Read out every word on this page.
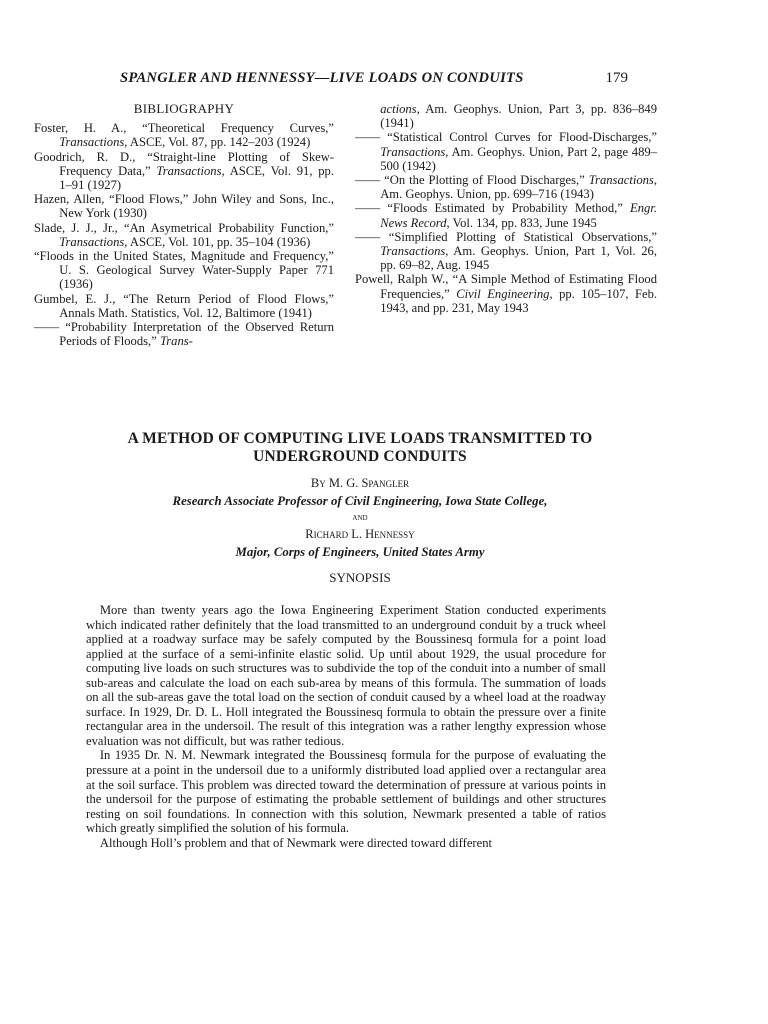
SPANGLER AND HENNESSY—LIVE LOADS ON CONDUITS	179
BIBLIOGRAPHY

Foster, H. A., “Theoretical Frequency Curves,” Transactions, ASCE, Vol. 87, pp. 142–203 (1924)

Goodrich, R. D., “Straight-line Plotting of Skew-Frequency Data,” Transactions, ASCE, Vol. 91, pp. 1–91 (1927)

Hazen, Allen, “Flood Flows,” John Wiley and Sons, Inc., New York (1930)

Slade, J. J., Jr., “An Asymetrical Probability Function,” Transactions, ASCE, Vol. 101, pp. 35–104 (1936)

“Floods in the United States, Magnitude and Frequency,” U. S. Geological Survey Water-Supply Paper 771 (1936)

Gumbel, E. J., “The Return Period of Flood Flows,” Annals Math. Statistics, Vol. 12, Baltimore (1941)

—— “Probability Interpretation of the Observed Return Periods of Floods,” Trans-

actions, Am. Geophys. Union, Part 3, pp. 836–849 (1941)

—— “Statistical Control Curves for Flood-Discharges,” Transactions, Am. Geophys. Union, Part 2, page 489–500 (1942)

—— “On the Plotting of Flood Discharges,” Transactions, Am. Geophys. Union, pp. 699–716 (1943)

—— “Floods Estimated by Probability Method,” Engr. News Record, Vol. 134, pp. 833, June 1945

—— “Simplified Plotting of Statistical Observations,” Transactions, Am. Geophys. Union, Part 1, Vol. 26, pp. 69–82, Aug. 1945

Powell, Ralph W., “A Simple Method of Estimating Flood Frequencies,” Civil Engineering, pp. 105–107, Feb. 1943, and pp. 231, May 1943

A METHOD OF COMPUTING LIVE LOADS TRANSMITTED TO
UNDERGROUND CONDUITS

By M. G. Spangler
Research Associate Professor of Civil Engineering, Iowa State College,
and
Richard L. Hennessy
Major, Corps of Engineers, United States Army
SYNOPSIS

More than twenty years ago the Iowa Engineering Experiment Station conducted experiments which indicated rather definitely that the load transmitted to an underground conduit by a truck wheel applied at a roadway surface may be safely computed by the Boussinesq formula for a point load applied at the surface of a semi-infinite elastic solid. Up until about 1929, the usual procedure for computing live loads on such structures was to subdivide the top of the conduit into a number of small sub-areas and calculate the load on each sub-area by means of this formula. The summation of loads on all the sub-areas gave the total load on the section of conduit caused by a wheel load at the roadway surface. In 1929, Dr. D. L. Holl integrated the Boussinesq formula to obtain the pressure over a finite rectangular area in the undersoil. The result of this integration was a rather lengthy expression whose evaluation was not difficult, but was rather tedious.

In 1935 Dr. N. M. Newmark integrated the Boussinesq formula for the purpose of evaluating the pressure at a point in the undersoil due to a uniformly distributed load applied over a rectangular area at the soil surface. This problem was directed toward the determination of pressure at various points in the undersoil for the purpose of estimating the probable settlement of buildings and other structures resting on soil foundations. In connection with this solution, Newmark presented a table of ratios which greatly simplified the solution of his formula.

Although Holl’s problem and that of Newmark were directed toward different
